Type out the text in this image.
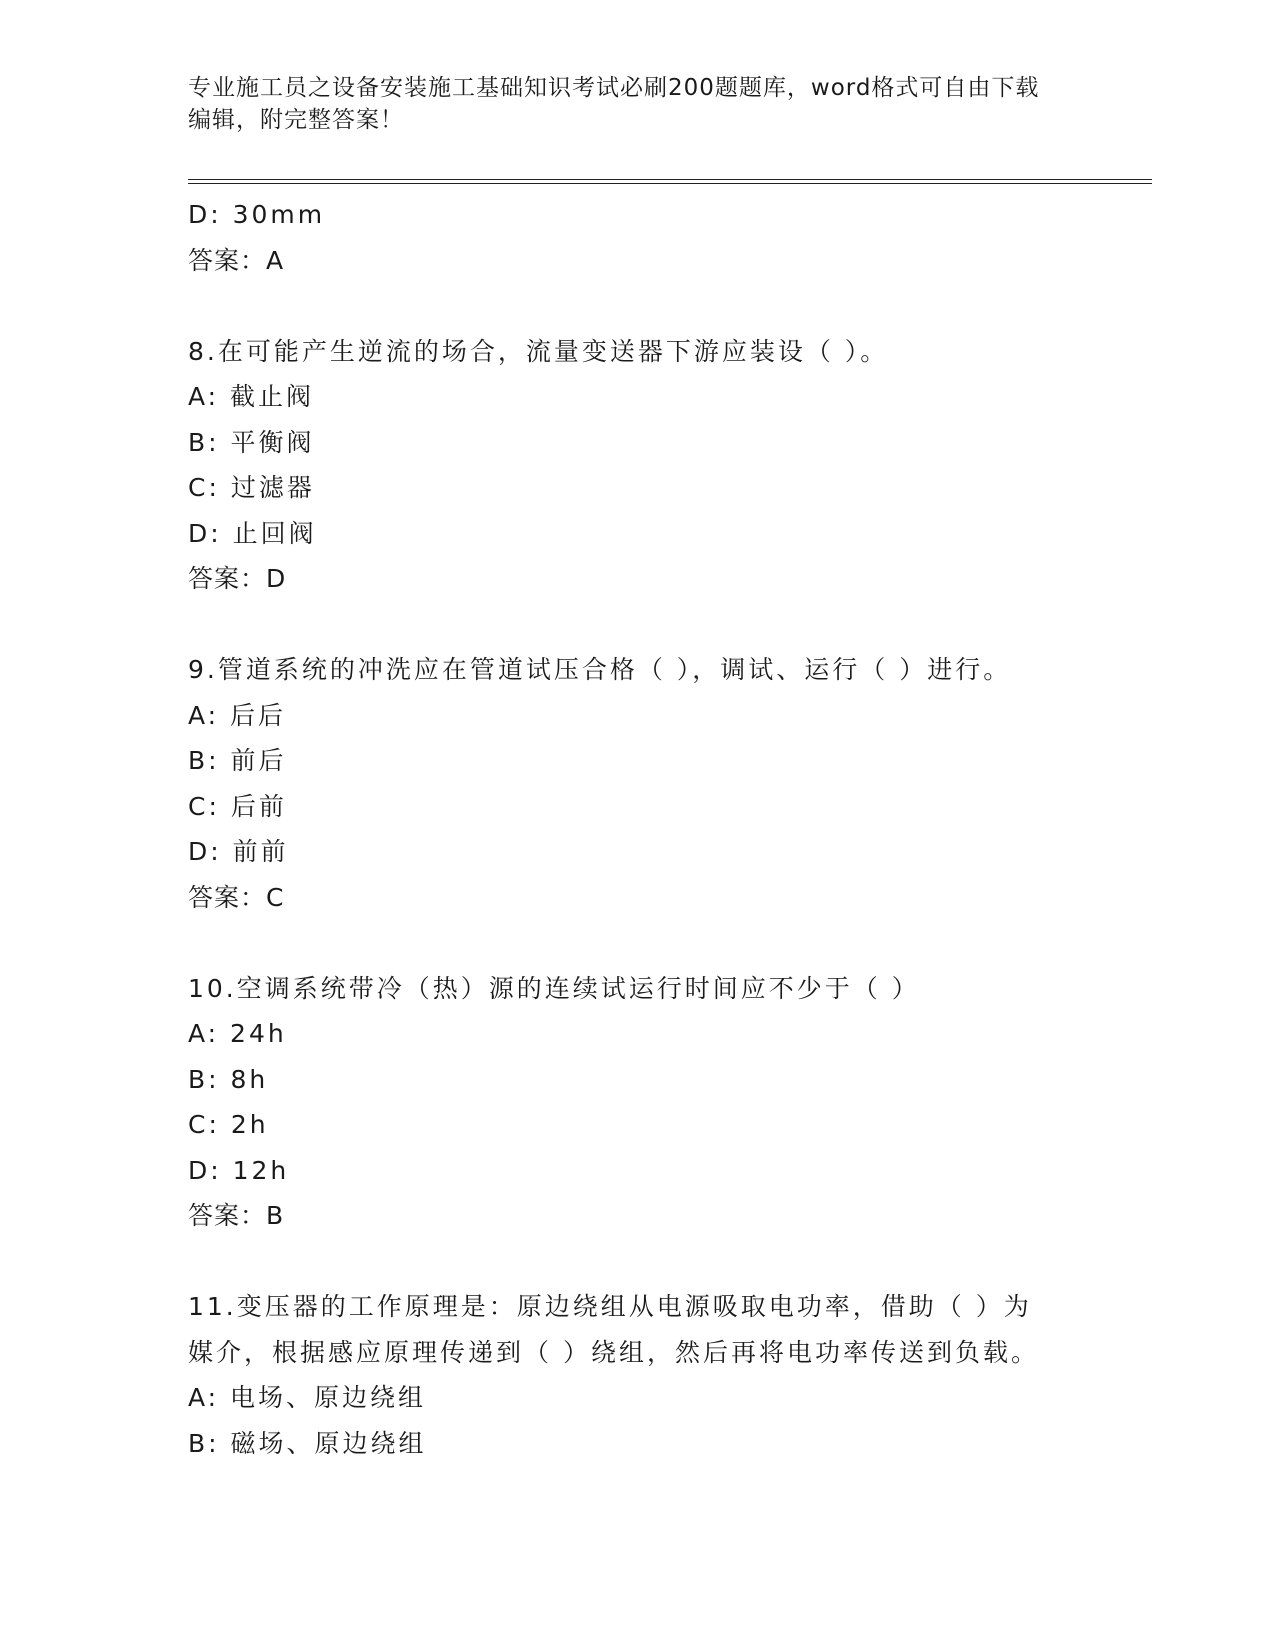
专业施工员之设备安装施工基础知识考试必刷200题题库，word格式可自由下载
编辑，附完整答案！
D: 30mm
答案：A
8.在可能产生逆流的场合，流量变送器下游应装设（ ）。
A: 截止阀
B: 平衡阀
C: 过滤器
D: 止回阀
答案：D
9.管道系统的冲洗应在管道试压合格（ ），调试、运行（ ）进行。
A: 后后
B: 前后
C: 后前
D: 前前
答案：C
10.空调系统带冷（热）源的连续试运行时间应不少于（ ）
A: 24h
B: 8h
C: 2h
D: 12h
答案：B
11.变压器的工作原理是：原边绕组从电源吸取电功率，借助（ ）为
媒介，根据感应原理传递到（ ）绕组，然后再将电功率传送到负载。
A: 电场、原边绕组
B: 磁场、原边绕组
